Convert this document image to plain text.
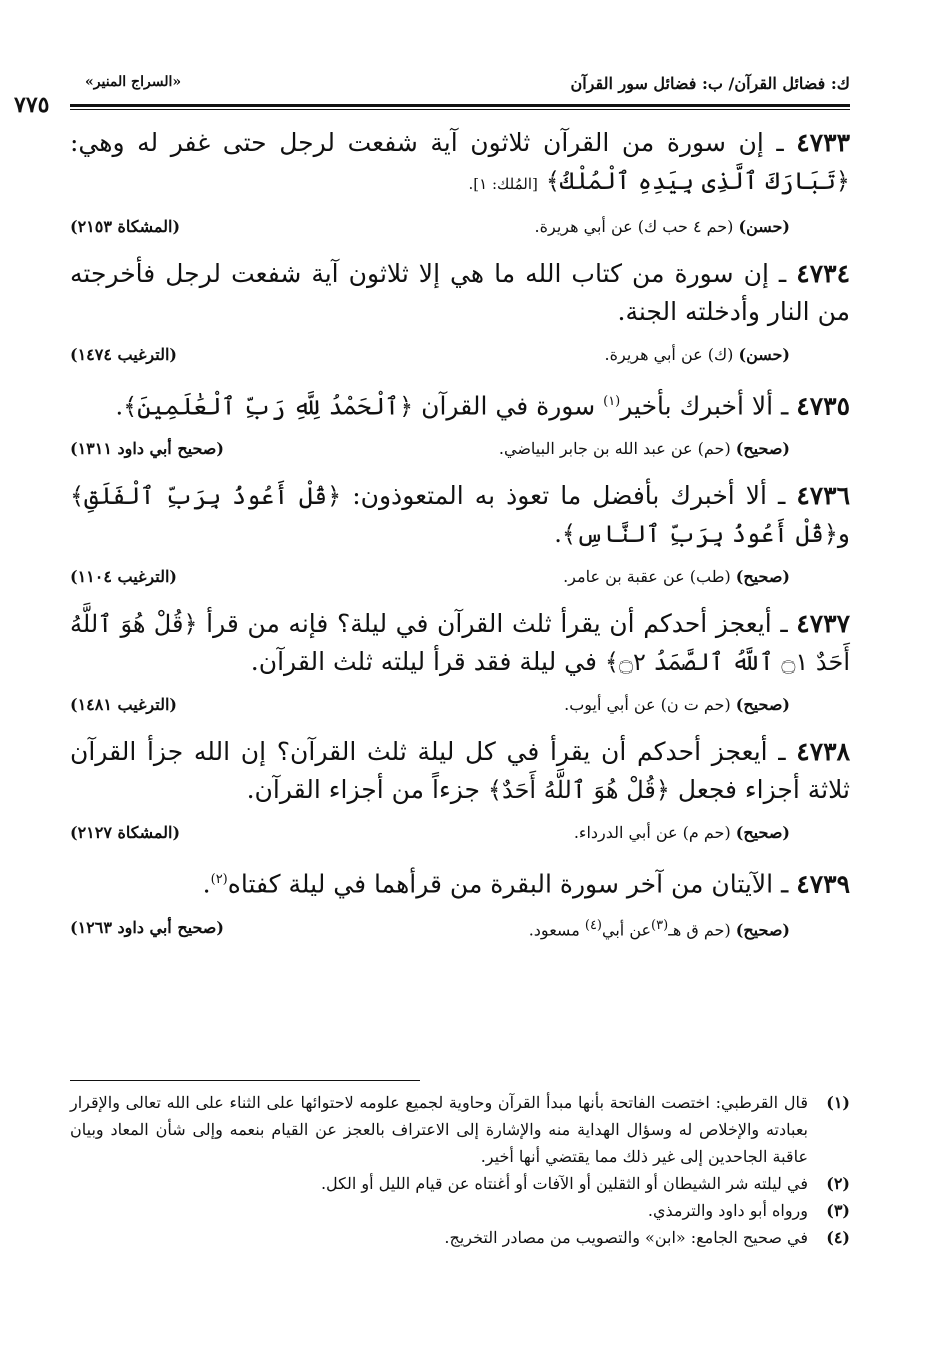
ك: فضائل القرآن/ ب: فضائل سور القرآن
«السراج المنير»
٧٧٥
٤٧٣٣ ـ إن سورة من القرآن ثلاثون آية شفعت لرجل حتى غفر له وهي: ﴿تَبَارَكَ ٱلَّذِى بِيَدِهِ ٱلْمُلْكُ﴾ [المُلك: ١].
(حسن) (حم ٤ حب ك) عن أبي هريرة.
(المشكاة ٢١٥٣)
٤٧٣٤ ـ إن سورة من كتاب الله ما هي إلا ثلاثون آية شفعت لرجل فأخرجته من النار وأدخلته الجنة.
(حسن) (ك) عن أبي هريرة.
(الترغيب ١٤٧٤)
٤٧٣٥ ـ ألا أخبرك بأخير$^{(١)}$ سورة في القرآن ﴿ٱلْحَمْدُ لِلَّهِ رَبِّ ٱلْعَٰلَمِينَ﴾.
(صحيح) (حم) عن عبد الله بن جابر البياضي.
(صحيح أبي داود ١٣١١)
٤٧٣٦ ـ ألا أخبرك بأفضل ما تعوذ به المتعوذون: ﴿قُلْ أَعُوذُ بِرَبِّ ٱلْفَلَقِ﴾ و﴿قُلْ أَعُوذُ بِرَبِّ ٱلنَّاسِ﴾.
(صحيح) (طب) عن عقبة بن عامر.
(الترغيب ١١٠٤)
٤٧٣٧ ـ أيعجز أحدكم أن يقرأ ثلث القرآن في ليلة؟ فإنه من قرأ ﴿قُلْ هُوَ ٱللَّهُ أَحَدٌ ۝١ ٱللَّهُ ٱلصَّمَدُ ۝٢﴾ في ليلة فقد قرأ ليلته ثلث القرآن.
(صحيح) (حم ت ن) عن أبي أيوب.
(الترغيب ١٤٨١)
٤٧٣٨ ـ أيعجز أحدكم أن يقرأ في كل ليلة ثلث القرآن؟ إن الله جزأ القرآن ثلاثة أجزاء فجعل ﴿قُلْ هُوَ ٱللَّهُ أَحَدٌ﴾ جزءاً من أجزاء القرآن.
(صحيح) (حم م) عن أبي الدرداء.
(المشكاة ٢١٢٧)
٤٧٣٩ ـ الآيتان من آخر سورة البقرة من قرأهما في ليلة كفتاه$^{(٢)}$.
(صحيح) (حم ق هـ$^{(٣)}$عن أبي$^{(٤)}$ مسعود.
(صحيح أبي داود ١٢٦٣)
(١)
قال القرطبي: اختصت الفاتحة بأنها مبدأ القرآن وحاوية لجميع علومه لاحتوائها على الثناء على الله تعالى والإقرار بعبادته والإخلاص له وسؤال الهداية منه والإشارة إلى الاعتراف بالعجز عن القيام بنعمه وإلى شأن المعاد وبيان عاقبة الجاحدين إلى غير ذلك مما يقتضي أنها أخير.
(٢)
في ليلته شر الشيطان أو الثقلين أو الآفات أو أغنتاه عن قيام الليل أو الكل.
(٣)
ورواه أبو داود والترمذي.
(٤)
في صحيح الجامع: «ابن» والتصويب من مصادر التخريج.
